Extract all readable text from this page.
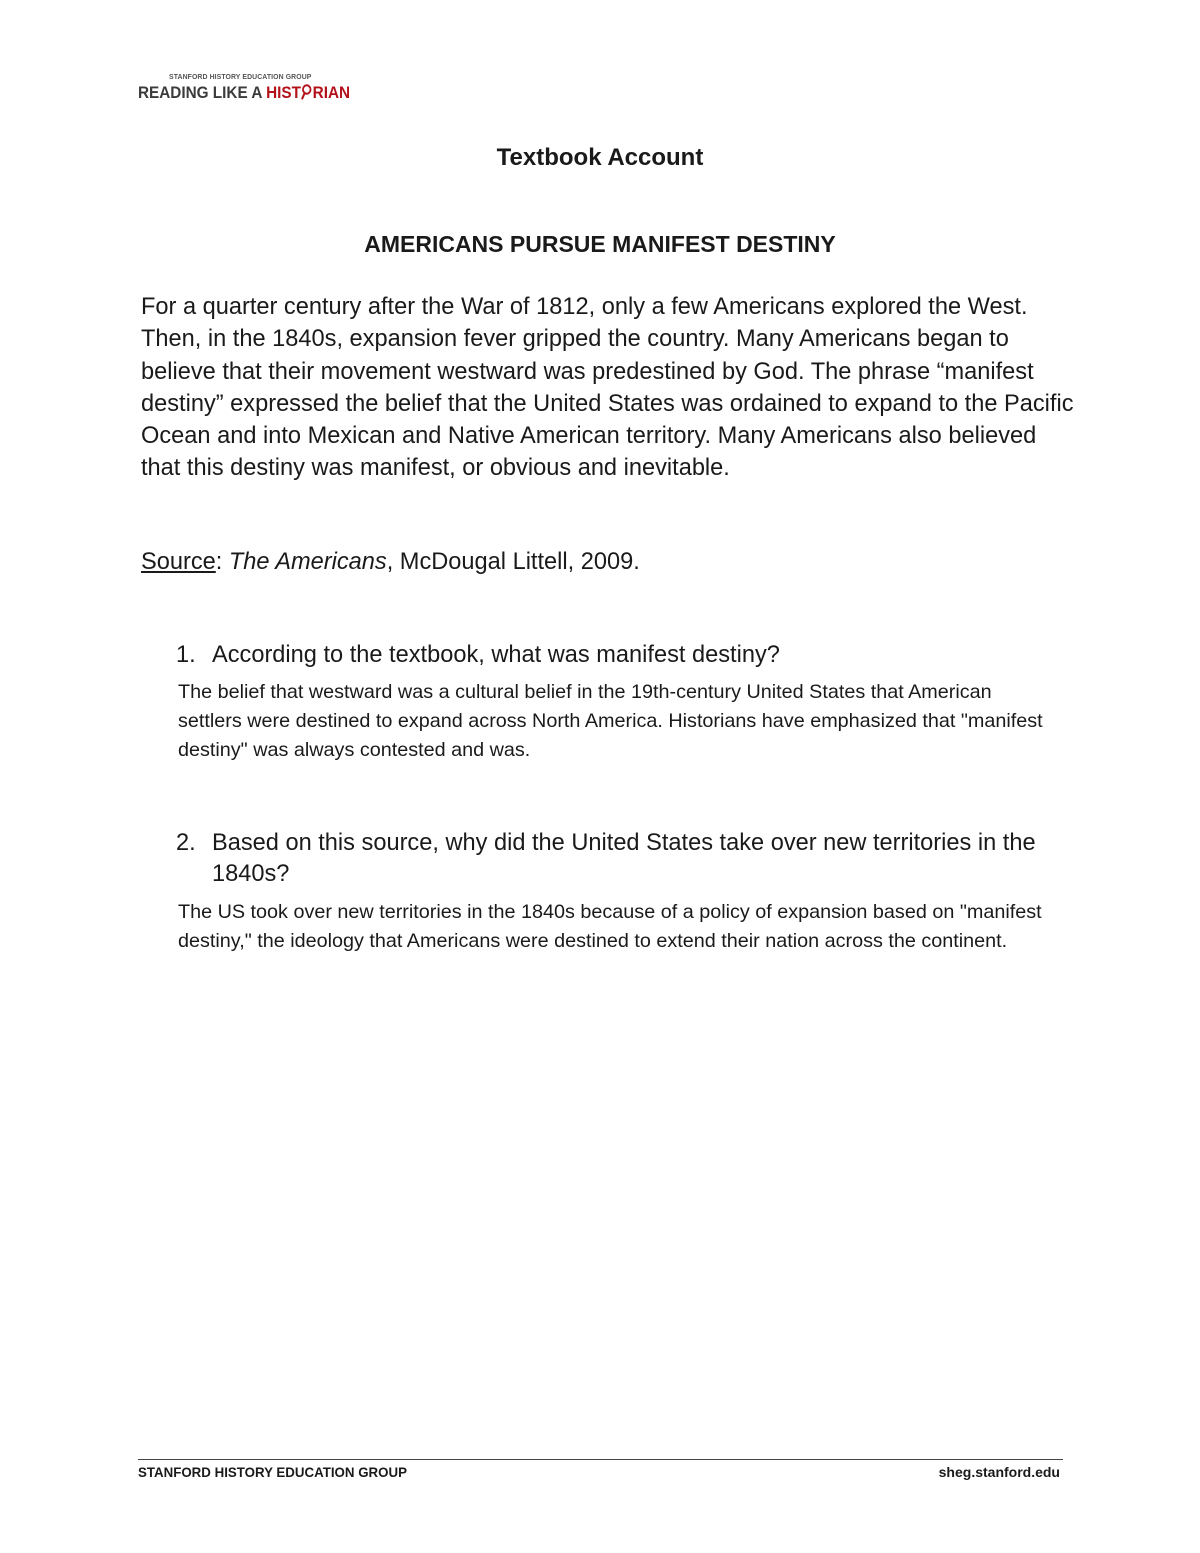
STANFORD HISTORY EDUCATION GROUP
READING LIKE A HIST RIAN
Textbook Account
AMERICANS PURSUE MANIFEST DESTINY

For a quarter century after the War of 1812, only a few Americans explored the West. Then, in the 1840s, expansion fever gripped the country. Many Americans began to believe that their movement westward was predestined by God. The phrase “manifest destiny” expressed the belief that the United States was ordained to expand to the Pacific Ocean and into Mexican and Native American territory. Many Americans also believed that this destiny was manifest, or obvious and inevitable.

Source: The Americans, McDougal Littell, 2009.
1. According to the textbook, what was manifest destiny?
The belief that westward was a cultural belief in the 19th-century United States that American settlers were destined to expand across North America. Historians have emphasized that "manifest destiny" was always contested and was.
2. Based on this source, why did the United States take over new territories in the 1840s?
The US took over new territories in the 1840s because of a policy of expansion based on "manifest destiny," the ideology that Americans were destined to extend their nation across the continent.
STANFORD HISTORY EDUCATION GROUP	sheg.stanford.edu
